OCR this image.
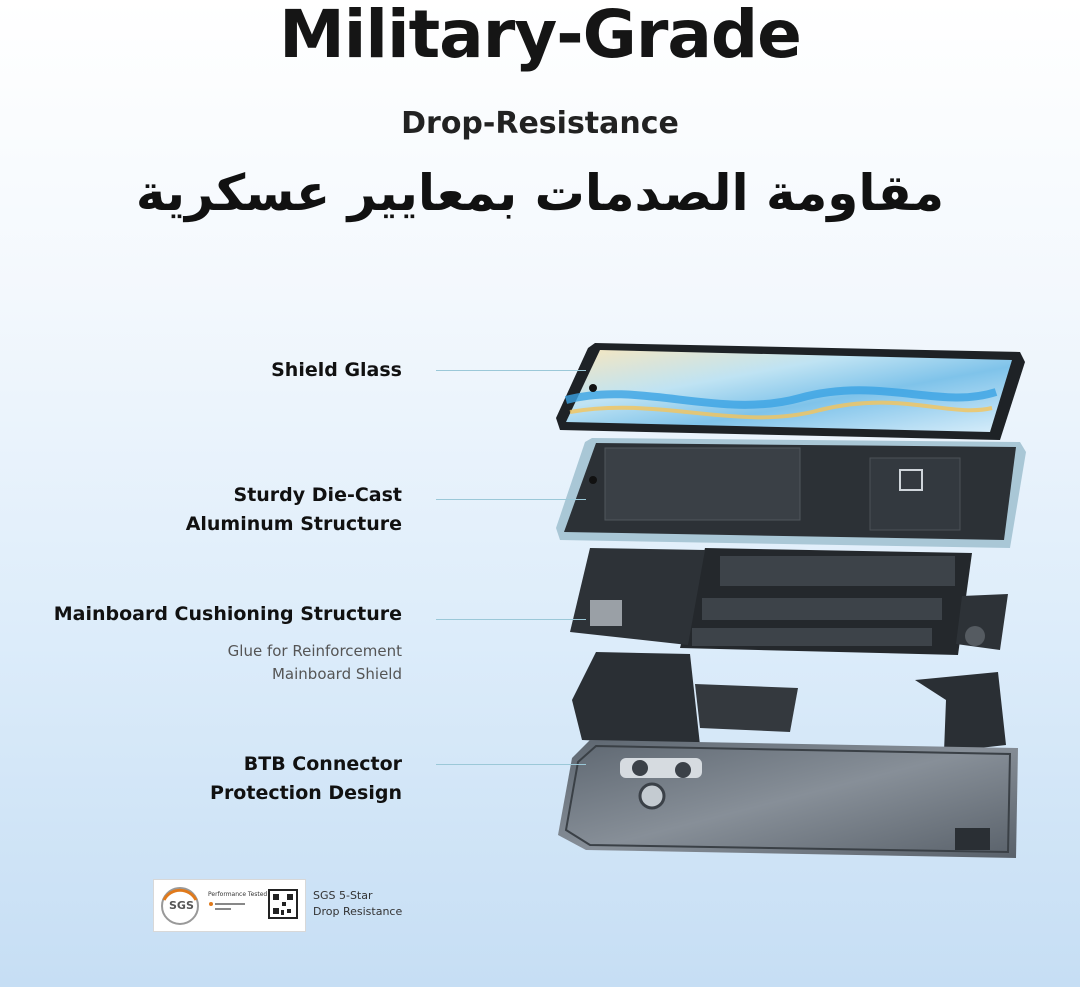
Military-Grade
Drop-Resistance
مقاومة الصدمات بمعايير عسكرية
Shield Glass
Sturdy Die-Cast
Aluminum Structure
Mainboard Cushioning Structure
Glue for Reinforcement
Mainboard Shield
BTB Connector
Protection Design
SGS
Performance Tested	SGS 5-Star
Drop Resistance
